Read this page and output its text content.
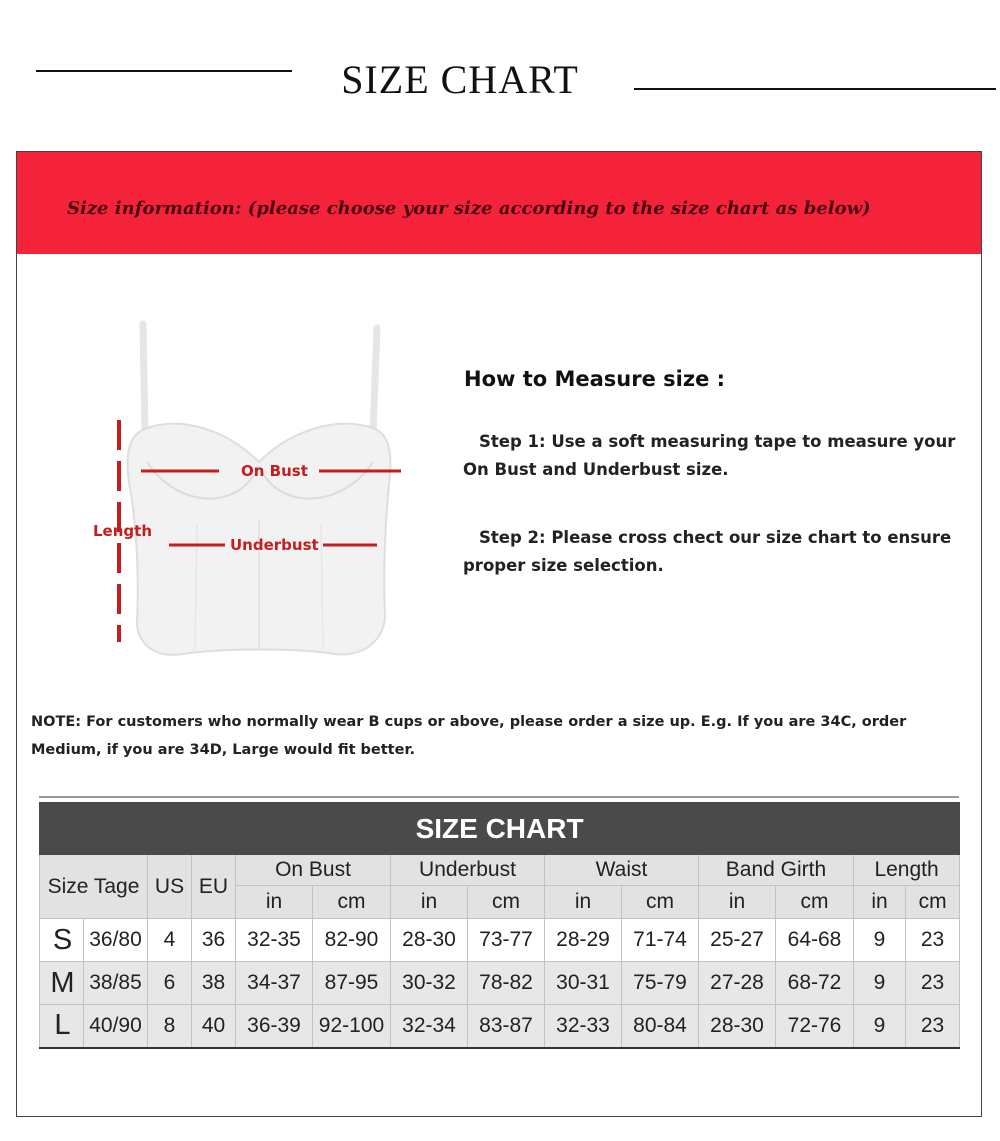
SIZE CHART
Size information: (please choose your size according to the size chart as below)
Length
On Bust
Underbust
How to Measure size :
Step 1: Use a soft measuring tape to measure your On Bust and Underbust size.
Step 2: Please cross chect our size chart to ensure proper size selection.
NOTE: For customers who normally wear B cups or above, please order a size up. E.g. If you are 34C, order Medium, if you are 34D, Large would fit better.
SIZE CHART													
Size Tage		US	EU	On Bust		Underbust		Waist		Band Girth		Length	
				in	cm	in	cm	in	cm	in	cm	in	cm
S	36/80	4	36	32-35	82-90	28-30	73-77	28-29	71-74	25-27	64-68	9	23
M	38/85	6	38	34-37	87-95	30-32	78-82	30-31	75-79	27-28	68-72	9	23
L	40/90	8	40	36-39	92-100	32-34	83-87	32-33	80-84	28-30	72-76	9	23
